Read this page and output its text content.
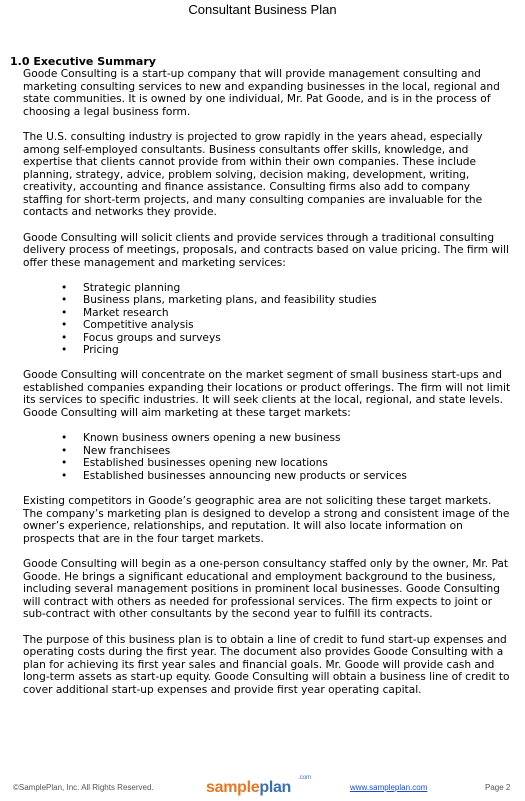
Consultant Business Plan
1.0 Executive Summary

Goode Consulting is a start-up company that will provide management consulting and marketing consulting services to new and expanding businesses in the local, regional and state communities. It is owned by one individual, Mr. Pat Goode, and is in the process of choosing a legal business form.

The U.S. consulting industry is projected to grow rapidly in the years ahead, especially among self-employed consultants. Business consultants offer skills, knowledge, and expertise that clients cannot provide from within their own companies. These include planning, strategy, advice, problem solving, decision making, development, writing, creativity, accounting and finance assistance. Consulting firms also add to company staffing for short-term projects, and many consulting companies are invaluable for the contacts and networks they provide.

Goode Consulting will solicit clients and provide services through a traditional consulting delivery process of meetings, proposals, and contracts based on value pricing. The firm will offer these management and marketing services:

• Strategic planning
• Business plans, marketing plans, and feasibility studies
• Market research
• Competitive analysis
• Focus groups and surveys
• Pricing

Goode Consulting will concentrate on the market segment of small business start-ups and established companies expanding their locations or product offerings. The firm will not limit its services to specific industries. It will seek clients at the local, regional, and state levels. Goode Consulting will aim marketing at these target markets:

• Known business owners opening a new business
• New franchisees
• Established businesses opening new locations
• Established businesses announcing new products or services

Existing competitors in Goode’s geographic area are not soliciting these target markets. The company’s marketing plan is designed to develop a strong and consistent image of the owner’s experience, relationships, and reputation. It will also locate information on prospects that are in the four target markets.

Goode Consulting will begin as a one-person consultancy staffed only by the owner, Mr. Pat Goode. He brings a significant educational and employment background to the business, including several management positions in prominent local businesses. Goode Consulting will contract with others as needed for professional services. The firm expects to joint or sub-contract with other consultants by the second year to fulfill its contracts.

The purpose of this business plan is to obtain a line of credit to fund start-up expenses and operating costs during the first year. The document also provides Goode Consulting with a plan for achieving its first year sales and financial goals. Mr. Goode will provide cash and long-term assets as start-up equity. Goode Consulting will obtain a business line of credit to cover additional start-up expenses and provide first year operating capital.

©SamplePlan, Inc. All Rights Reserved.	sampleplan
.com
www.sampleplan.com	Page 2
